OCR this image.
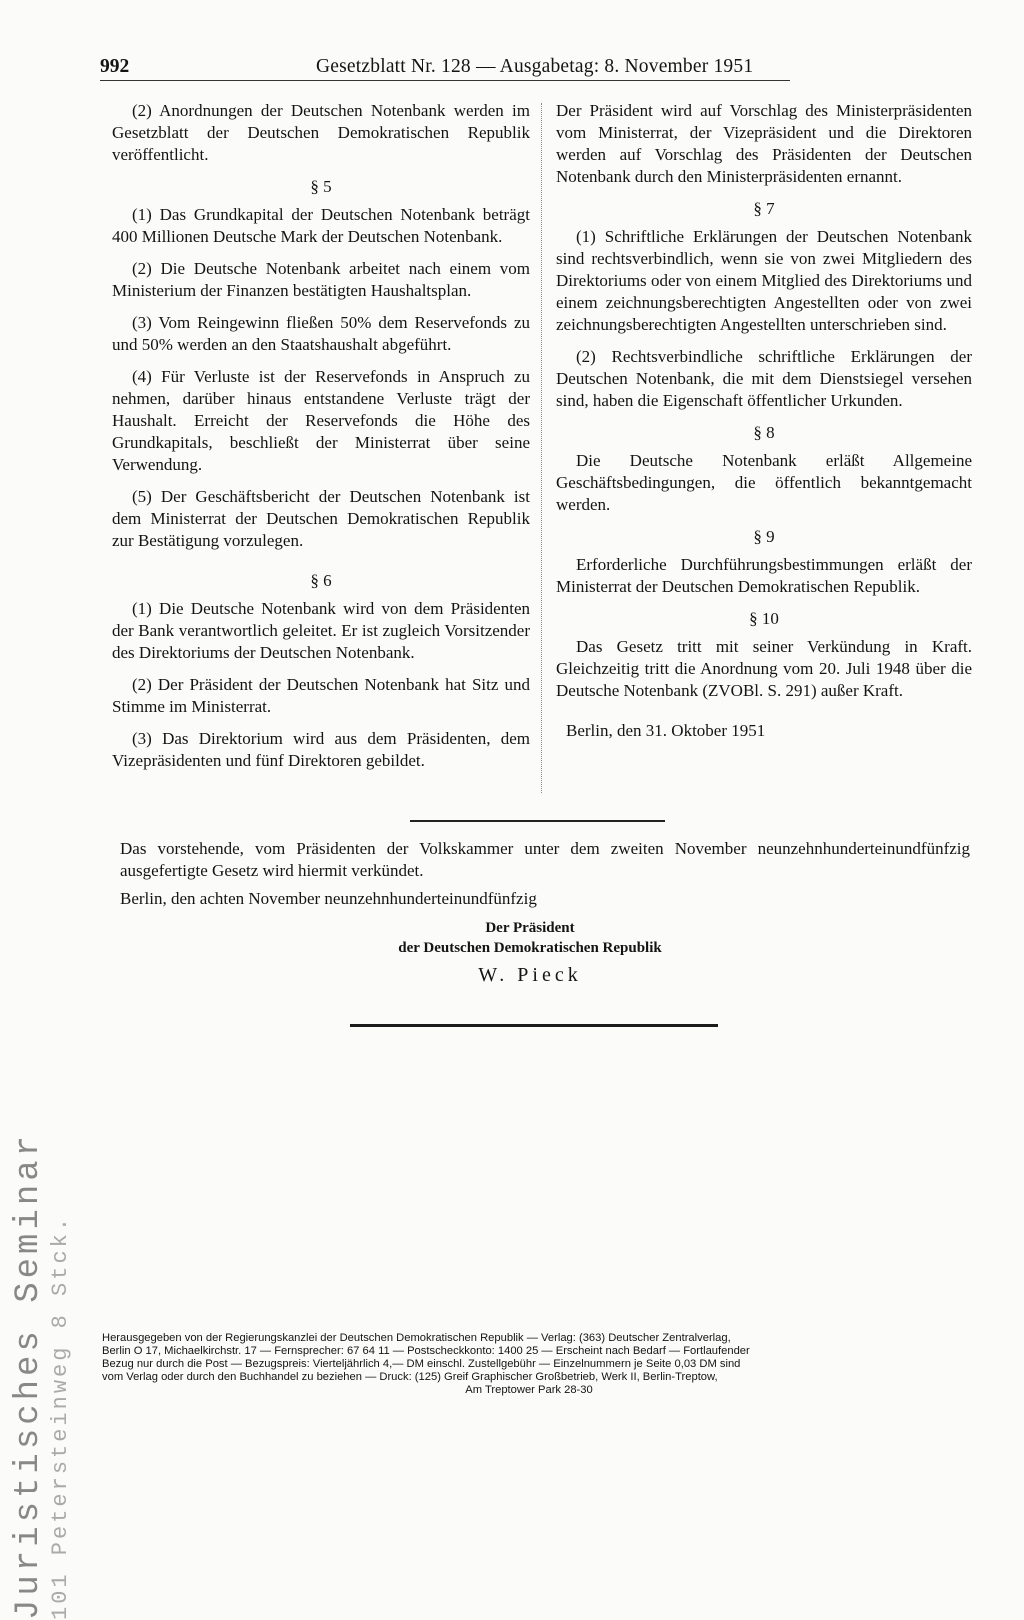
992	Gesetzblatt Nr. 128 — Ausgabetag: 8. November 1951

(2) Anordnungen der Deutschen Notenbank werden im Gesetzblatt der Deutschen Demokratischen Republik veröffentlicht.

§ 5

(1) Das Grundkapital der Deutschen Notenbank beträgt 400 Millionen Deutsche Mark der Deutschen Notenbank.

(2) Die Deutsche Notenbank arbeitet nach einem vom Ministerium der Finanzen bestätigten Haushaltsplan.

(3) Vom Reingewinn fließen 50% dem Reservefonds zu und 50% werden an den Staatshaushalt abgeführt.

(4) Für Verluste ist der Reservefonds in Anspruch zu nehmen, darüber hinaus entstandene Verluste trägt der Haushalt. Erreicht der Reservefonds die Höhe des Grundkapitals, beschließt der Ministerrat über seine Verwendung.

(5) Der Geschäftsbericht der Deutschen Notenbank ist dem Ministerrat der Deutschen Demokratischen Republik zur Bestätigung vorzulegen.

§ 6

(1) Die Deutsche Notenbank wird von dem Präsidenten der Bank verantwortlich geleitet. Er ist zugleich Vorsitzender des Direktoriums der Deutschen Notenbank.

(2) Der Präsident der Deutschen Notenbank hat Sitz und Stimme im Ministerrat.

(3) Das Direktorium wird aus dem Präsidenten, dem Vizepräsidenten und fünf Direktoren gebildet.

Der Präsident wird auf Vorschlag des Ministerpräsidenten vom Ministerrat, der Vizepräsident und die Direktoren werden auf Vorschlag des Präsidenten der Deutschen Notenbank durch den Ministerpräsidenten ernannt.

§ 7

(1) Schriftliche Erklärungen der Deutschen Notenbank sind rechtsverbindlich, wenn sie von zwei Mitgliedern des Direktoriums oder von einem Mitglied des Direktoriums und einem zeichnungsberechtigten Angestellten oder von zwei zeichnungsberechtigten Angestellten unterschrieben sind.

(2) Rechtsverbindliche schriftliche Erklärungen der Deutschen Notenbank, die mit dem Dienstsiegel versehen sind, haben die Eigenschaft öffentlicher Urkunden.

§ 8

Die Deutsche Notenbank erläßt Allgemeine Geschäftsbedingungen, die öffentlich bekanntgemacht werden.

§ 9

Erforderliche Durchführungsbestimmungen erläßt der Ministerrat der Deutschen Demokratischen Republik.

§ 10

Das Gesetz tritt mit seiner Verkündung in Kraft. Gleichzeitig tritt die Anordnung vom 20. Juli 1948 über die Deutsche Notenbank (ZVOBl. S. 291) außer Kraft.

Berlin, den 31. Oktober 1951

Das vorstehende, vom Präsidenten der Volkskammer unter dem zweiten November neunzehnhunderteinundfünfzig ausgefertigte Gesetz wird hiermit verkündet.

Berlin, den achten November neunzehnhunderteinundfünfzig

Der Präsident
der Deutschen Demokratischen Republik
W. Pieck
Juristisches Seminar 101 Petersteinweg 8 Stck.	Herausgegeben von der Regierungskanzlei der Deutschen Demokratischen Republik — Verlag: (363) Deutscher Zentralverlag,
Berlin O 17, Michaelkirchstr. 17 — Fernsprecher: 67 64 11 — Postscheckkonto: 1400 25 — Erscheint nach Bedarf — Fortlaufender
Bezug nur durch die Post — Bezugspreis: Vierteljährlich 4,— DM einschl. Zustellgebühr — Einzelnummern je Seite 0,03 DM sind
vom Verlag oder durch den Buchhandel zu beziehen — Druck: (125) Greif Graphischer Großbetrieb, Werk II, Berlin-Treptow,
Am Treptower Park 28-30
